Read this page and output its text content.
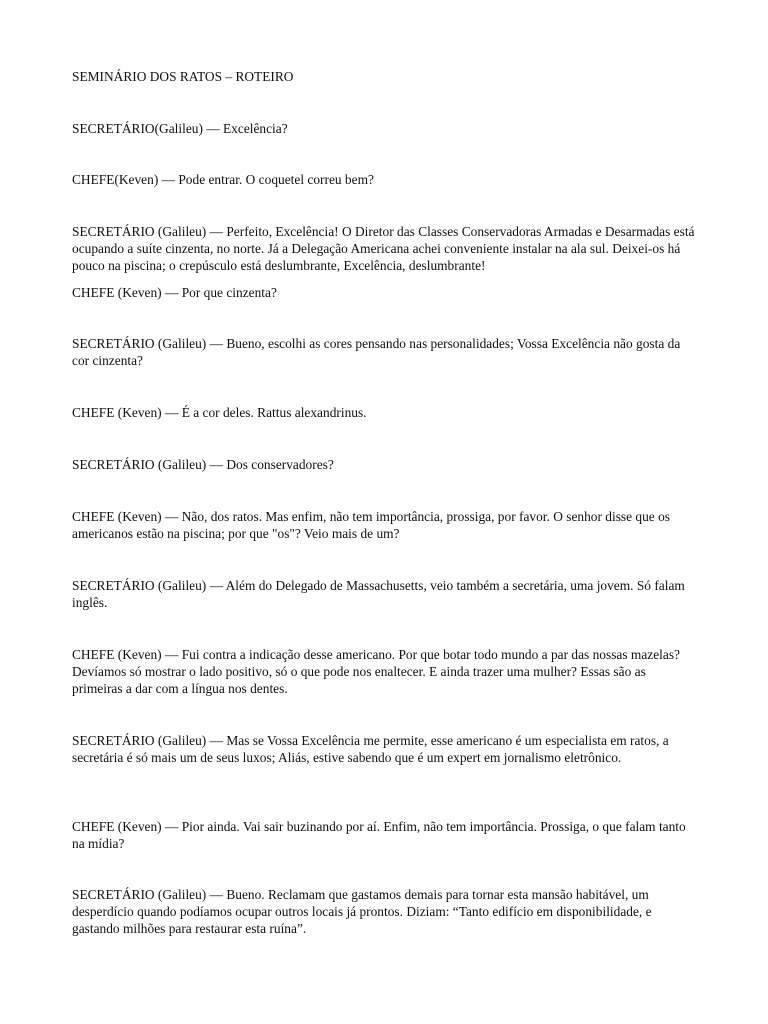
SEMINÁRIO DOS RATOS – ROTEIRO

SECRETÁRIO(Galileu) — Excelência?

CHEFE(Keven) — Pode entrar. O coquetel correu bem?

SECRETÁRIO (Galileu) — Perfeito, Excelência! O Diretor das Classes Conservadoras Armadas e Desarmadas está ocupando a suíte cinzenta, no norte. Já a Delegação Americana achei conveniente instalar na ala sul. Deixei-os há pouco na piscina; o crepúsculo está deslumbrante, Excelência, deslumbrante!

CHEFE (Keven) — Por que cinzenta?

SECRETÁRIO (Galileu) — Bueno, escolhi as cores pensando nas personalidades; Vossa Excelência não gosta da cor cinzenta?

CHEFE (Keven) — É a cor deles. Rattus alexandrinus.

SECRETÁRIO (Galileu) — Dos conservadores?

CHEFE (Keven) — Não, dos ratos. Mas enfim, não tem importância, prossiga, por favor. O senhor disse que os americanos estão na piscina; por que "os"? Veio mais de um?

SECRETÁRIO (Galileu) — Além do Delegado de Massachusetts, veio também a secretária, uma jovem. Só falam inglês.

CHEFE (Keven) — Fui contra a indicação desse americano. Por que botar todo mundo a par das nossas mazelas? Devíamos só mostrar o lado positivo, só o que pode nos enaltecer. E ainda trazer uma mulher? Essas são as primeiras a dar com a língua nos dentes.

SECRETÁRIO (Galileu) — Mas se Vossa Excelência me permite, esse americano é um especialista em ratos, a secretária é só mais um de seus luxos; Aliás, estive sabendo que é um expert em jornalismo eletrônico.

CHEFE (Keven) — Pior ainda. Vai sair buzinando por aí. Enfim, não tem importância. Prossiga, o que falam tanto na mídia?

SECRETÁRIO (Galileu) — Bueno. Reclamam que gastamos demais para tornar esta mansão habitável, um desperdício quando podíamos ocupar outros locais já prontos. Diziam: “Tanto edifício em disponibilidade, e gastando milhões para restaurar esta ruína”.
